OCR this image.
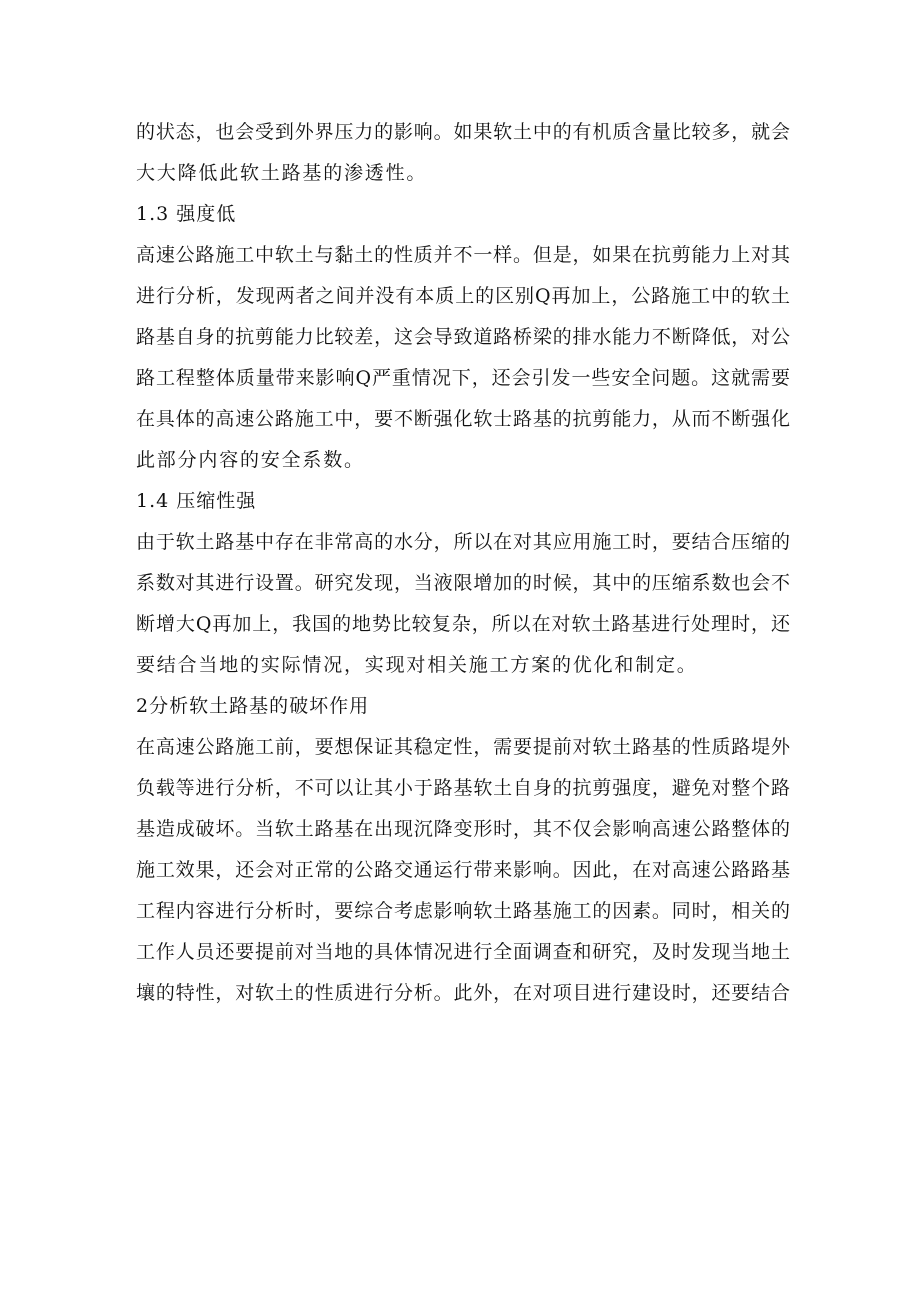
的状态，也会受到外界压力的影响。如果软土中的有机质含量比较多，就会
大大降低此软土路基的渗透性。
1.3 强度低
高速公路施工中软土与黏土的性质并不一样。但是，如果在抗剪能力上对其
进行分析，发现两者之间并没有本质上的区别Q再加上，公路施工中的软土
路基自身的抗剪能力比较差，这会导致道路桥梁的排水能力不断降低，对公
路工程整体质量带来影响Q严重情况下，还会引发一些安全问题。这就需要
在具体的高速公路施工中，要不断强化软士路基的抗剪能力，从而不断强化
此部分内容的安全系数。
1.4 压缩性强
由于软土路基中存在非常高的水分，所以在对其应用施工时，要结合压缩的
系数对其进行设置。研究发现，当液限增加的时候，其中的压缩系数也会不
断增大Q再加上，我国的地势比较复杂，所以在对软土路基进行处理时，还
要结合当地的实际情况，实现对相关施工方案的优化和制定。
2分析软土路基的破坏作用
在高速公路施工前，要想保证其稳定性，需要提前对软土路基的性质路堤外
负载等进行分析，不可以让其小于路基软土自身的抗剪强度，避免对整个路
基造成破坏。当软土路基在出现沉降变形时，其不仅会影响高速公路整体的
施工效果，还会对正常的公路交通运行带来影响。因此，在对高速公路路基
工程内容进行分析时，要综合考虑影响软土路基施工的因素。同时，相关的
工作人员还要提前对当地的具体情况进行全面调查和研究，及时发现当地土
壤的特性，对软土的性质进行分析。此外，在对项目进行建设时，还要结合
